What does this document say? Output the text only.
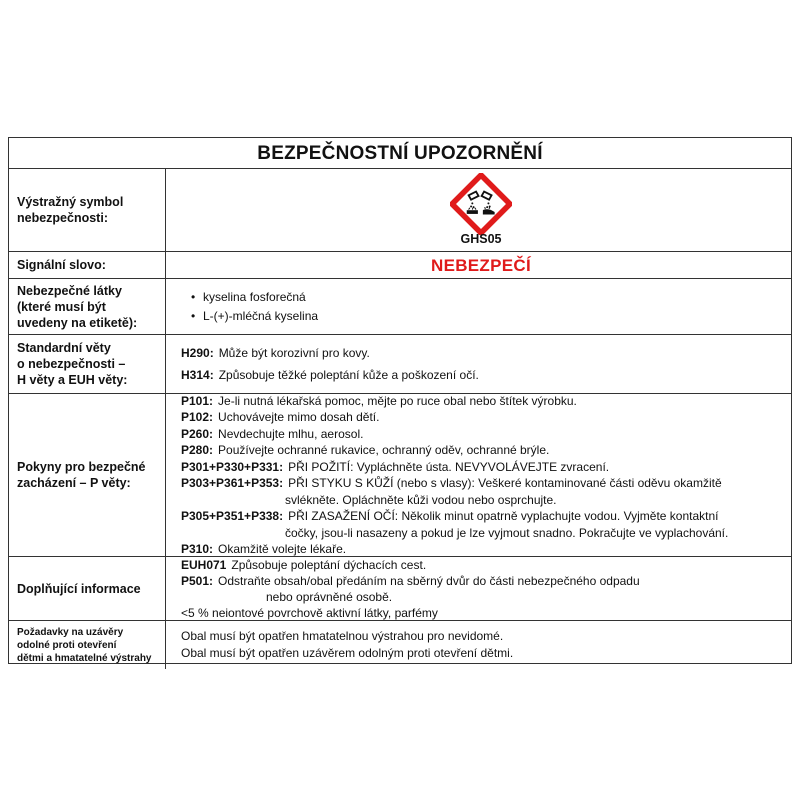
BEZPEČNOSTNÍ UPOZORNĚNÍ
Výstražný symbol
nebezpečnosti:
GHS05
Signální slovo:	NEBEZPEČÍ
Nebezpečné látky
(které musí být
uvedeny na etiketě):
• kyselina fosforečná
• L-(+)-mléčná kyselina
Standardní věty
o nebezpečnosti –
H věty a EUH věty:
H290: Může být korozivní pro kovy.
H314: Způsobuje těžké poleptání kůže a poškození očí.
Pokyny pro bezpečné
zacházení – P věty:
P101: Je-li nutná lékařská pomoc, mějte po ruce obal nebo štítek výrobku.
P102: Uchovávejte mimo dosah dětí.
P260: Nevdechujte mlhu, aerosol.
P280: Používejte ochranné rukavice, ochranný oděv, ochranné brýle.
P301+P330+P331: PŘI POŽITÍ: Vypláchněte ústa. NEVYVOLÁVEJTE zvracení.
P303+P361+P353: PŘI STYKU S KŮŽÍ (nebo s vlasy): Veškeré kontaminované části oděvu okamžitě
svlékněte. Opláchněte kůži vodou nebo osprchujte.
P305+P351+P338: PŘI ZASAŽENÍ OČÍ: Několik minut opatrně vyplachujte vodou. Vyjměte kontaktní
čočky, jsou-li nasazeny a pokud je lze vyjmout snadno. Pokračujte ve vyplachování.
P310: Okamžitě volejte lékaře.
Doplňující informace
EUH071 Způsobuje poleptání dýchacích cest.
P501: Odstraňte obsah/obal předáním na sběrný dvůr do části nebezpečného odpadu
nebo oprávněné osobě.
<5 % neiontové povrchově aktivní látky, parfémy
Požadavky na uzávěry
odolné proti otevření
dětmi a hmatatelné výstrahy
Obal musí být opatřen hmatatelnou výstrahou pro nevidomé.
Obal musí být opatřen uzávěrem odolným proti otevření dětmi.
